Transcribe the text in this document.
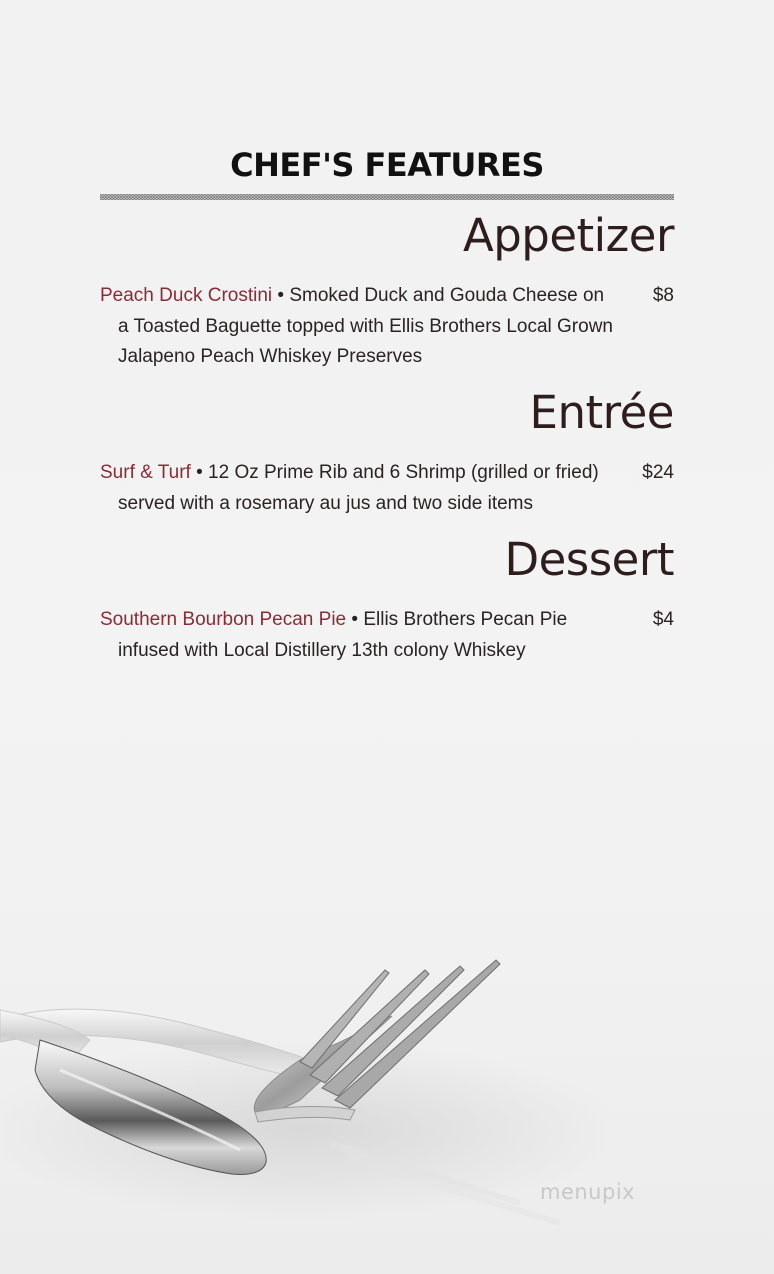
CHEF'S FEATURES
Appetizer
Peach Duck Crostini • Smoked Duck and Gouda Cheese on a Toasted Baguette topped with Ellis Brothers Local Grown Jalapeno Peach Whiskey Preserves
$8
Entrée
Surf & Turf • 12 Oz Prime Rib and 6 Shrimp (grilled or fried) served with a rosemary au jus and two side items
$24
Dessert
Southern Bourbon Pecan Pie • Ellis Brothers Pecan Pie infused with Local Distillery 13th colony Whiskey
$4
menupix
